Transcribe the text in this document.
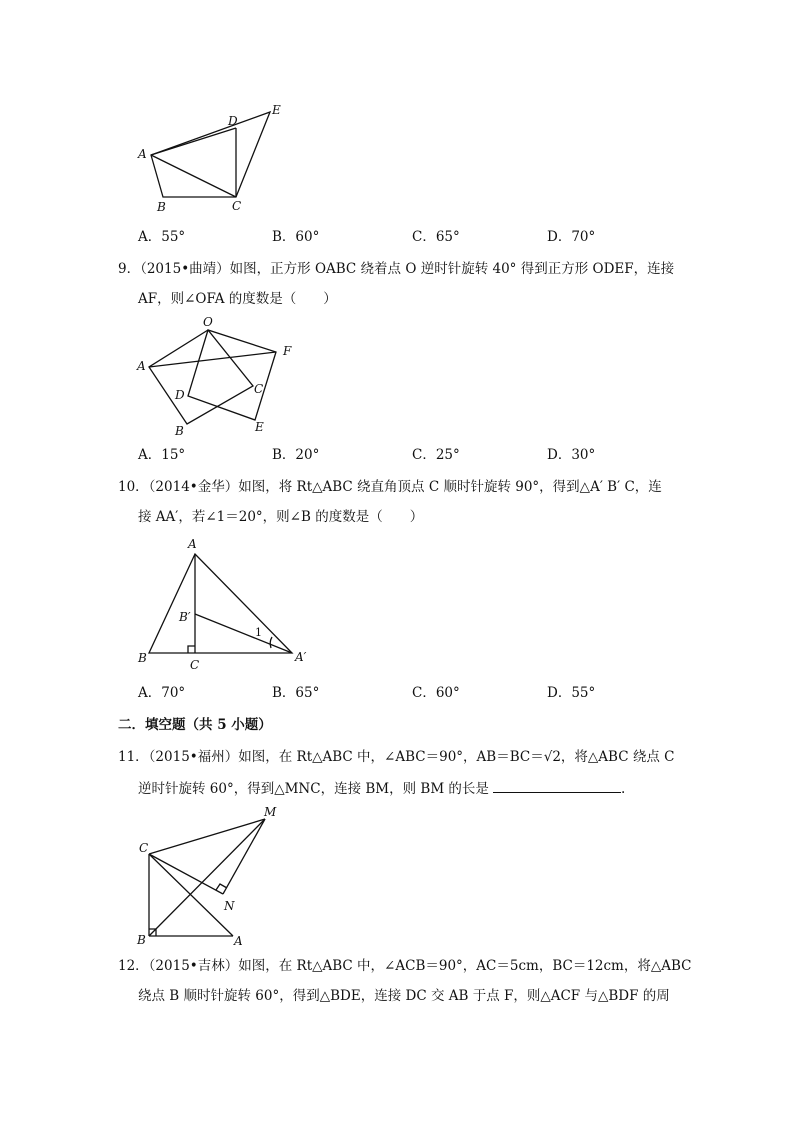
A
B	C
D
E
A．55°	B．60°	C．65°	D．70°
9．（2015•曲靖）如图，正方形 OABC 绕着点 O 逆时针旋转 40° 得到正方形 ODEF，连接
AF，则∠OFA 的度数是（　　）
O
A
B
C
D
E
F
A．15°	B．20°	C．25°	D．30°
10．（2014•金华）如图，将 Rt△ABC 绕直角顶点 C 顺时针旋转 90°，得到△A′ B′ C，连
接 AA′，若∠1＝20°，则∠B 的度数是（　　）
A
B	C
B′
A′
1
A．70°	B．65°	C．60°	D．55°
二．填空题（共 5 小题）
11．（2015•福州）如图，在 Rt△ABC 中，∠ABC＝90°，AB＝BC＝√2，将△ABC 绕点 C
逆时针旋转 60°，得到△MNC，连接 BM，则 BM 的长是	.
C
M
N
B	A
12．（2015•吉林）如图，在 Rt△ABC 中，∠ACB＝90°，AC＝5cm，BC＝12cm，将△ABC
绕点 B 顺时针旋转 60°，得到△BDE，连接 DC 交 AB 于点 F，则△ACF 与△BDF 的周
